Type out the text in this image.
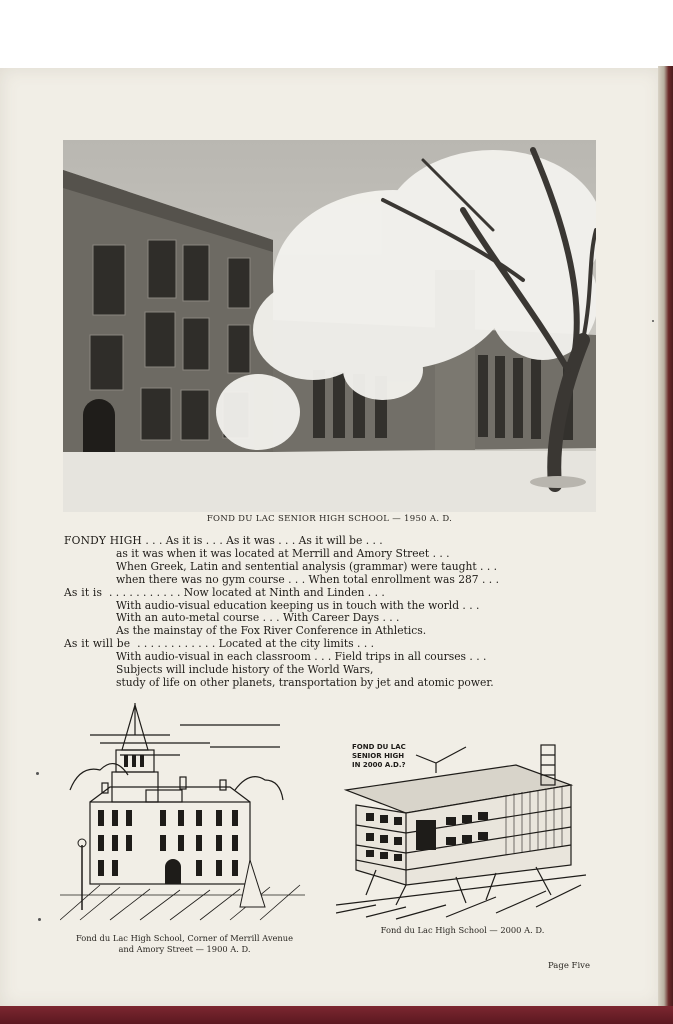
FOND DU LAC SENIOR HIGH SCHOOL — 1950 A. D.
FONDY HIGH . . . As it is . . . As it was . . . As it will be . . .
as it was when it was located at Merrill and Amory Street . . .
When Greek, Latin and sentential analysis (grammar) were taught . . .
when there was no gym course . . . When total enrollment was 287 . . .
As it is  . . . . . . . . . . . Now located at Ninth and Linden . . .
With audio-visual education keeping us in touch with the world . . .
With an auto-metal course . . . With Career Days . . .
As the mainstay of the Fox River Conference in Athletics.
As it will be  . . . . . . . . . . . . Located at the city limits . . .
With audio-visual in each classroom . . . Field trips in all courses . . .
Subjects will include history of the World Wars,
study of life on other planets, transportation by jet and atomic power.
FOND DU LAC
SENIOR HIGH
IN 2000 A.D.?
Fond du Lac High School, Corner of Merrill Avenue
and Amory Street — 1900 A. D.
Fond du Lac High School — 2000 A. D.
Page Five
